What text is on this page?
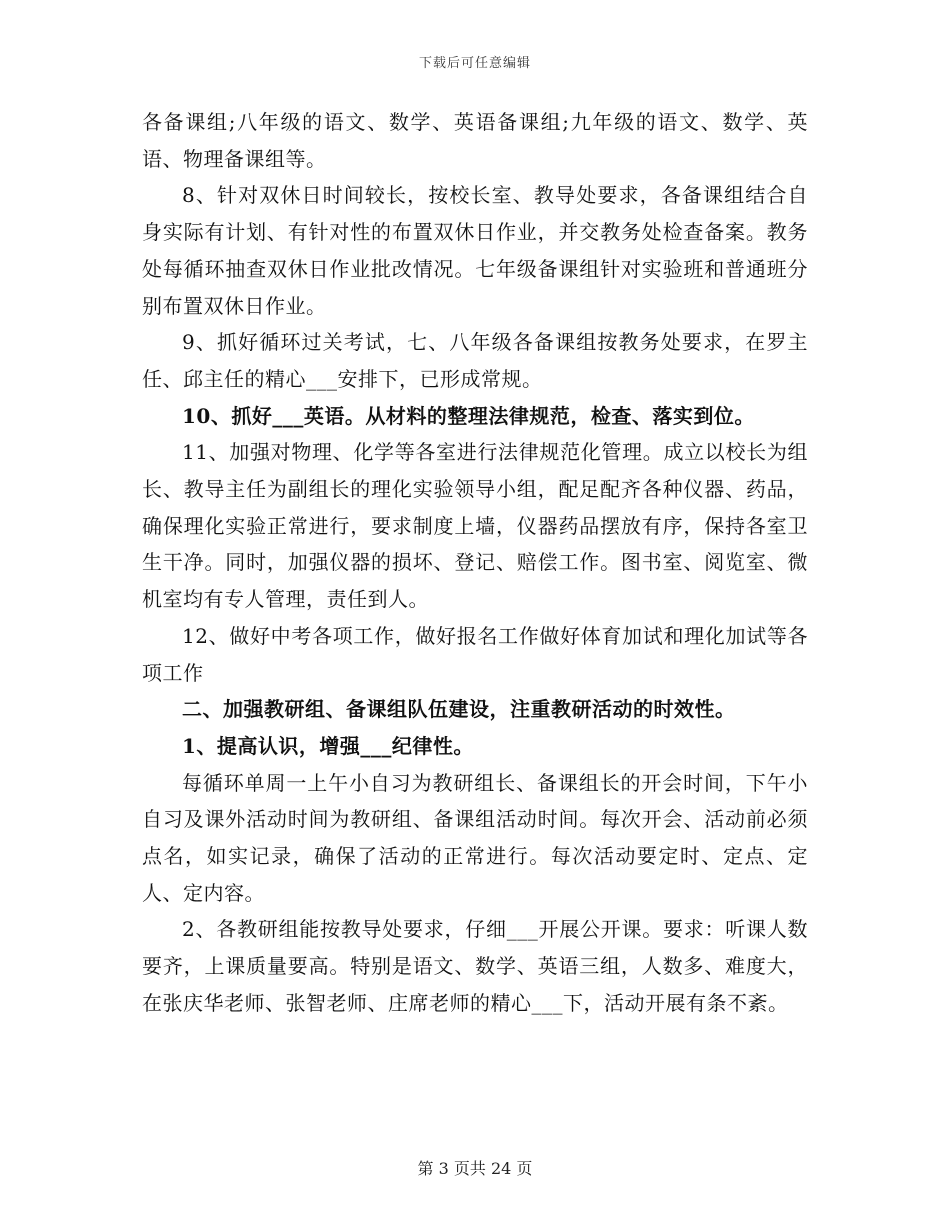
下载后可任意编辑

各备课组;八年级的语文、数学、英语备课组;九年级的语文、数学、英语、物理备课组等。

8、针对双休日时间较长，按校长室、教导处要求，各备课组结合自身实际有计划、有针对性的布置双休日作业，并交教务处检查备案。教务处每循环抽查双休日作业批改情况。七年级备课组针对实验班和普通班分别布置双休日作业。

9、抓好循环过关考试，七、八年级各备课组按教务处要求，在罗主任、邱主任的精心___安排下，已形成常规。

10、抓好___英语。从材料的整理法律规范，检查、落实到位。

11、加强对物理、化学等各室进行法律规范化管理。成立以校长为组长、教导主任为副组长的理化实验领导小组，配足配齐各种仪器、药品，确保理化实验正常进行，要求制度上墙，仪器药品摆放有序，保持各室卫生干净。同时，加强仪器的损坏、登记、赔偿工作。图书室、阅览室、微机室均有专人管理，责任到人。

12、做好中考各项工作，做好报名工作做好体育加试和理化加试等各项工作

二、加强教研组、备课组队伍建设，注重教研活动的时效性。

1、提高认识，增强___纪律性。

每循环单周一上午小自习为教研组长、备课组长的开会时间，下午小自习及课外活动时间为教研组、备课组活动时间。每次开会、活动前必须点名，如实记录，确保了活动的正常进行。每次活动要定时、定点、定人、定内容。

2、各教研组能按教导处要求，仔细___开展公开课。要求：听课人数要齐，上课质量要高。特别是语文、数学、英语三组，人数多、难度大，在张庆华老师、张智老师、庄席老师的精心___下，活动开展有条不紊。

第 3 页共 24 页
